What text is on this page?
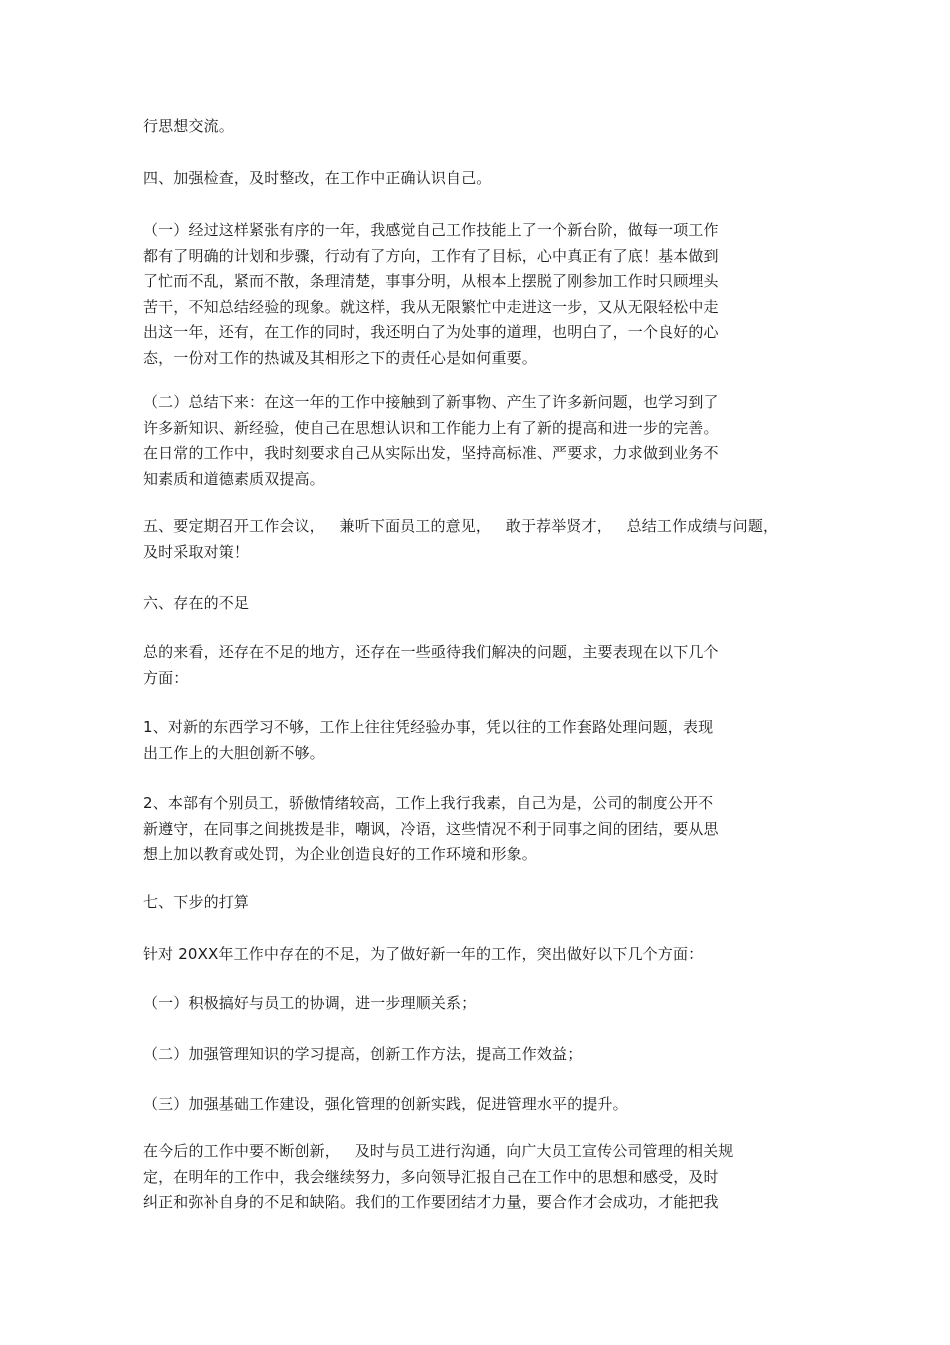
行思想交流。
四、加强检查，及时整改，在工作中正确认识自己。
（一）经过这样紧张有序的一年，我感觉自己工作技能上了一个新台阶，做每一项工作
都有了明确的计划和步骤，行动有了方向，工作有了目标，心中真正有了底！基本做到
了忙而不乱，紧而不散，条理清楚，事事分明，从根本上摆脱了刚参加工作时只顾埋头
苦干，不知总结经验的现象。就这样，我从无限繁忙中走进这一步，又从无限轻松中走
出这一年，还有，在工作的同时，我还明白了为处事的道理，也明白了，一个良好的心
态，一份对工作的热诚及其相形之下的责任心是如何重要。
（二）总结下来：在这一年的工作中接触到了新事物、产生了许多新问题，也学习到了
许多新知识、新经验，使自己在思想认识和工作能力上有了新的提高和进一步的完善。
在日常的工作中，我时刻要求自己从实际出发，坚持高标准、严要求，力求做到业务不
知素质和道德素质双提高。
五、要定期召开工作会议，   兼听下面员工的意见，   敢于荐举贤才，   总结工作成绩与问题，
及时采取对策！
六、存在的不足
总的来看，还存在不足的地方，还存在一些亟待我们解决的问题，主要表现在以下几个
方面：
1、对新的东西学习不够，工作上往往凭经验办事，凭以往的工作套路处理问题，表现
出工作上的大胆创新不够。
2、本部有个别员工，骄傲情绪较高，工作上我行我素，自己为是，公司的制度公开不
新遵守，在同事之间挑拨是非，嘲讽，冷语，这些情况不利于同事之间的团结，要从思
想上加以教育或处罚，为企业创造良好的工作环境和形象。
七、下步的打算
针对 20XX年工作中存在的不足，为了做好新一年的工作，突出做好以下几个方面：
（一）积极搞好与员工的协调，进一步理顺关系；
（二）加强管理知识的学习提高，创新工作方法，提高工作效益；
（三）加强基础工作建设，强化管理的创新实践，促进管理水平的提升。
在今后的工作中要不断创新，   及时与员工进行沟通，向广大员工宣传公司管理的相关规
定，在明年的工作中，我会继续努力，多向领导汇报自己在工作中的思想和感受，及时
纠正和弥补自身的不足和缺陷。我们的工作要团结才力量，要合作才会成功，才能把我
